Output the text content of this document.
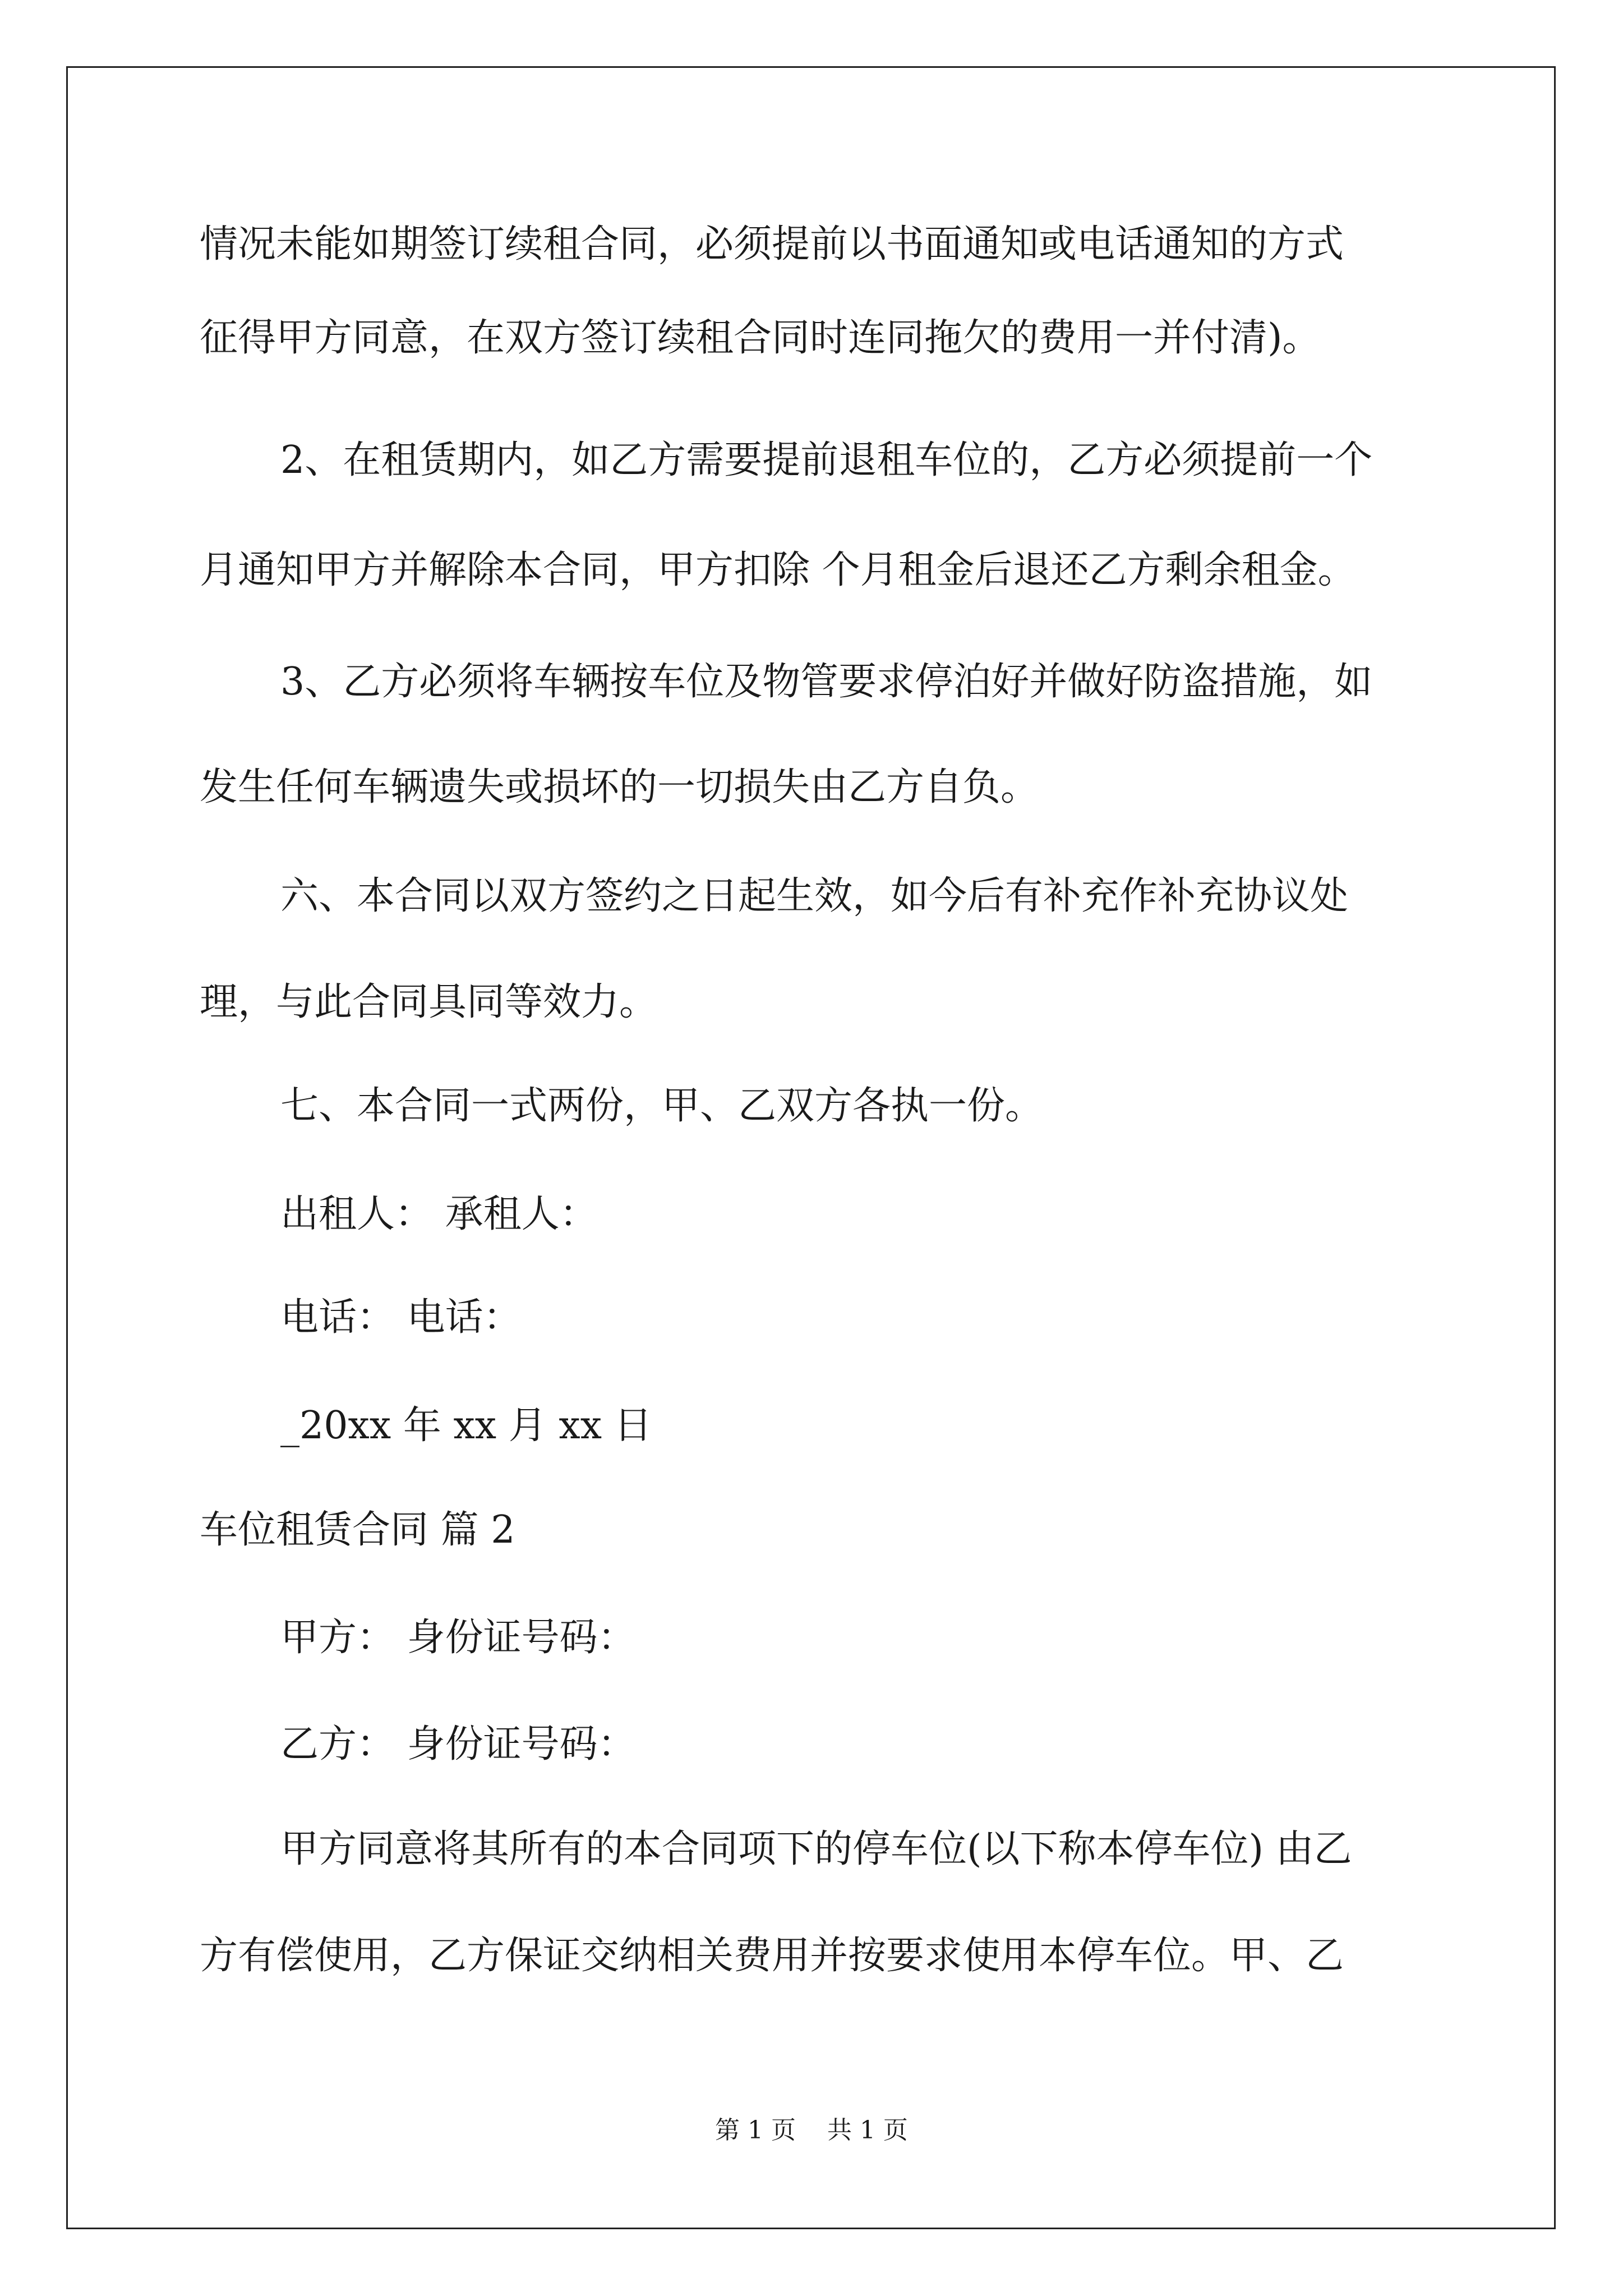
情况未能如期签订续租合同，必须提前以书面通知或电话通知的方式
征得甲方同意，在双方签订续租合同时连同拖欠的费用一并付清)。
2、在租赁期内，如乙方需要提前退租车位的，乙方必须提前一个
月通知甲方并解除本合同，甲方扣除 个月租金后退还乙方剩余租金。
3、乙方必须将车辆按车位及物管要求停泊好并做好防盗措施，如
发生任何车辆遗失或损坏的一切损失由乙方自负。
六、本合同以双方签约之日起生效，如今后有补充作补充协议处
理，与此合同具同等效力。
七、本合同一式两份，甲、乙双方各执一份。
出租人： 承租人：
电话： 电话：
_20xx 年 xx 月 xx 日
车位租赁合同 篇 2
甲方： 身份证号码：
乙方： 身份证号码：
甲方同意将其所有的本合同项下的停车位(以下称本停车位) 由乙
方有偿使用，乙方保证交纳相关费用并按要求使用本停车位。甲、乙
第 1 页    共 1 页
